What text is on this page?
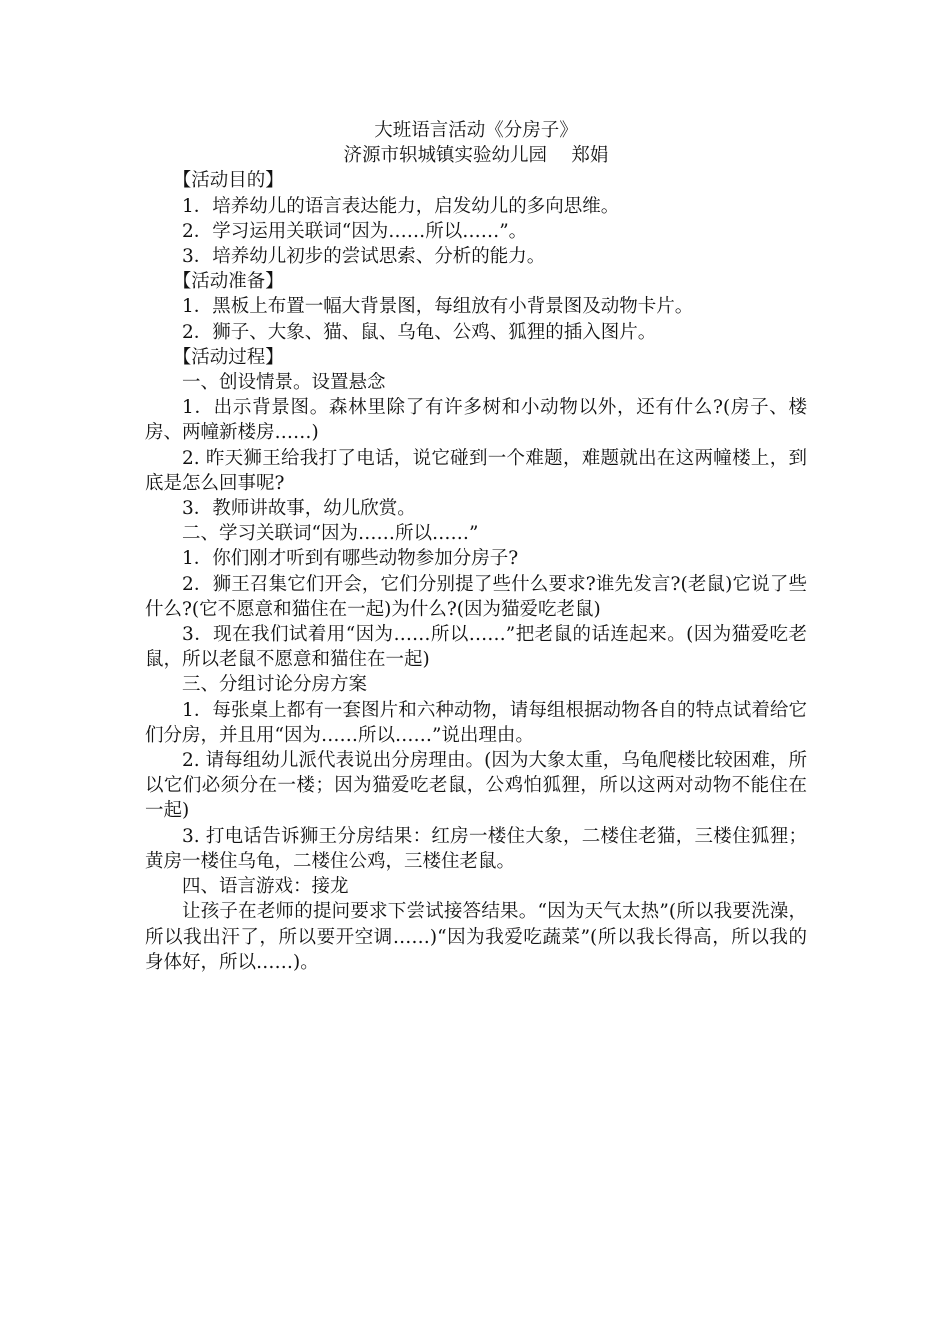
大班语言活动《分房子》
济源市轵城镇实验幼儿园　 郑娟
【活动目的】
1．培养幼儿的语言表达能力，启发幼儿的多向思维。
2．学习运用关联词“因为……所以……”。
3．培养幼儿初步的尝试思索、分析的能力。
【活动准备】
1．黑板上布置一幅大背景图，每组放有小背景图及动物卡片。
2．狮子、大象、猫、鼠、乌龟、公鸡、狐狸的插入图片。
【活动过程】
一、创设情景。设置悬念
1．出示背景图。森林里除了有许多树和小动物以外，还有什么?(房子、楼房、两幢新楼房……)
2. 昨天狮王给我打了电话，说它碰到一个难题，难题就出在这两幢楼上，到底是怎么回事呢?
3．教师讲故事，幼儿欣赏。
二、学习关联词“因为……所以……”
1．你们刚才听到有哪些动物参加分房子?
2．狮王召集它们开会，它们分别提了些什么要求?谁先发言?(老鼠)它说了些什么?(它不愿意和猫住在一起)为什么?(因为猫爱吃老鼠)
3．现在我们试着用“因为……所以……”把老鼠的话连起来。(因为猫爱吃老鼠，所以老鼠不愿意和猫住在一起)
三、分组讨论分房方案
1．每张桌上都有一套图片和六种动物，请每组根据动物各自的特点试着给它们分房，并且用“因为……所以……”说出理由。
2. 请每组幼儿派代表说出分房理由。(因为大象太重，乌龟爬楼比较困难，所以它们必须分在一楼；因为猫爱吃老鼠，公鸡怕狐狸，所以这两对动物不能住在一起)
3. 打电话告诉狮王分房结果：红房一楼住大象，二楼住老猫，三楼住狐狸；黄房一楼住乌龟，二楼住公鸡，三楼住老鼠。
四、语言游戏：接龙
让孩子在老师的提问要求下尝试接答结果。“因为天气太热”(所以我要洗澡，所以我出汗了，所以要开空调……)“因为我爱吃蔬菜”(所以我长得高，所以我的身体好，所以……)。
